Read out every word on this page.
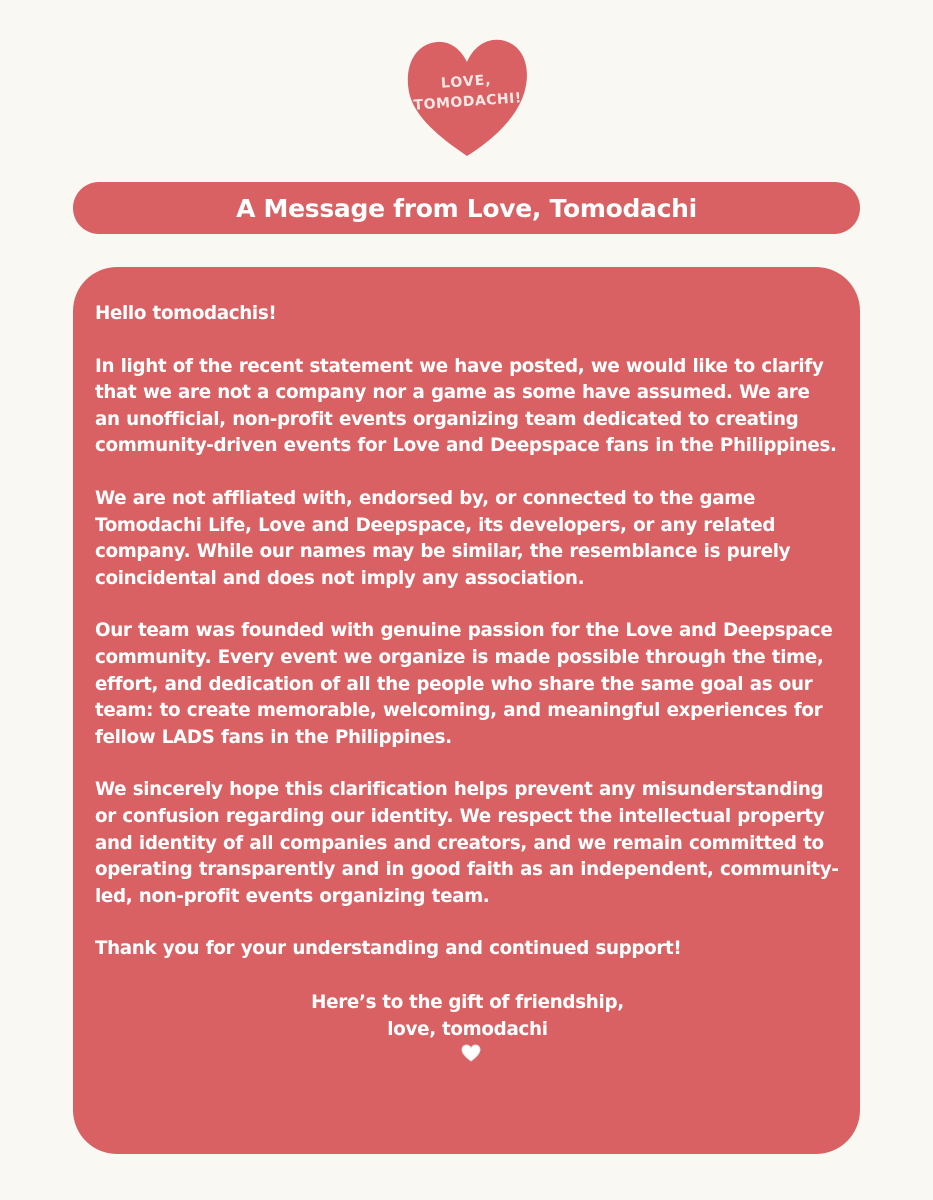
LOVE,
TOMODACHI!
A Message from Love, Tomodachi

Hello tomodachis!

In light of the recent statement we have posted, we would like to clarify that we are not a company nor a game as some have assumed. We are an unofficial, non-profit events organizing team dedicated to creating community-driven events for Love and Deepspace fans in the Philippines.

We are not affliated with, endorsed by, or connected to the game Tomodachi Life, Love and Deepspace, its developers, or any related company. While our names may be similar, the resemblance is purely coincidental and does not imply any association.

Our team was founded with genuine passion for the Love and Deepspace community. Every event we organize is made possible through the time, effort, and dedication of all the people who share the same goal as our team: to create memorable, welcoming, and meaningful experiences for fellow LADS fans in the Philippines.

We sincerely hope this clarification helps prevent any misunderstanding or confusion regarding our identity. We respect the intellectual property and identity of all companies and creators, and we remain committed to operating transparently and in good faith as an independent, community-led, non-profit events organizing team.

Thank you for your understanding and continued support!

Here’s to the gift of friendship,
love, tomodachi
